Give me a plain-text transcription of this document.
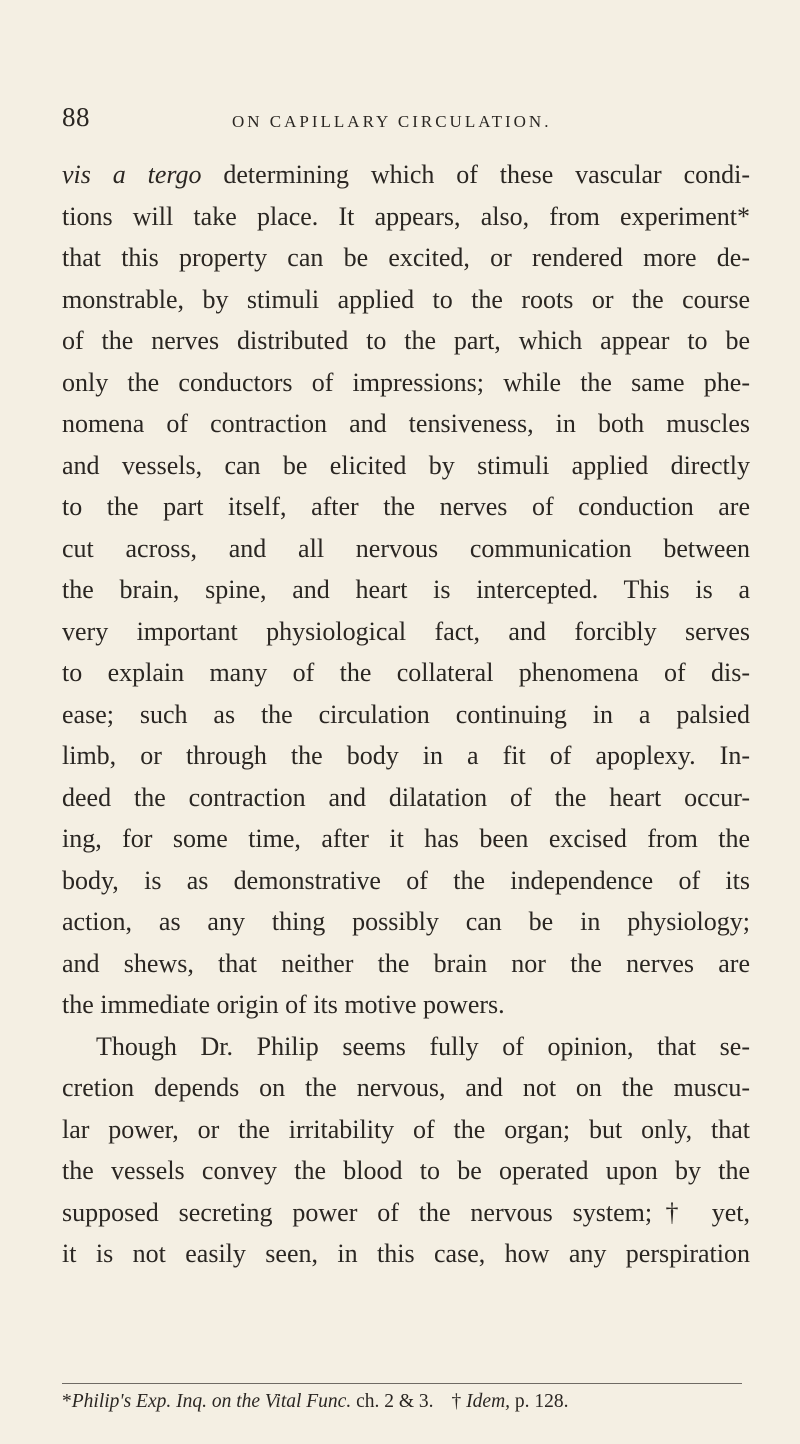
88	ON CAPILLARY CIRCULATION.
vis a tergo determining which of these vascular condi-
tions will take place. It appears, also, from experiment*
that this property can be excited, or rendered more de-
monstrable, by stimuli applied to the roots or the course
of the nerves distributed to the part, which appear to be
only the conductors of impressions; while the same phe-
nomena of contraction and tensiveness, in both muscles
and vessels, can be elicited by stimuli applied directly
to the part itself, after the nerves of conduction are
cut across, and all nervous communication between
the brain, spine, and heart is intercepted. This is a
very important physiological fact, and forcibly serves
to explain many of the collateral phenomena of dis-
ease; such as the circulation continuing in a palsied
limb, or through the body in a fit of apoplexy. In-
deed the contraction and dilatation of the heart occur-
ing, for some time, after it has been excised from the
body, is as demonstrative of the independence of its
action, as any thing possibly can be in physiology;
and shews, that neither the brain nor the nerves are
the immediate origin of its motive powers.
Though Dr. Philip seems fully of opinion, that se-
cretion depends on the nervous, and not on the muscu-
lar power, or the irritability of the organ; but only, that
the vessels convey the blood to be operated upon by the
supposed secreting power of the nervous system;† yet,
it is not easily seen, in this case, how any perspiration
*Philip's Exp. Inq. on the Vital Func. ch. 2 & 3. † Idem, p. 128.
